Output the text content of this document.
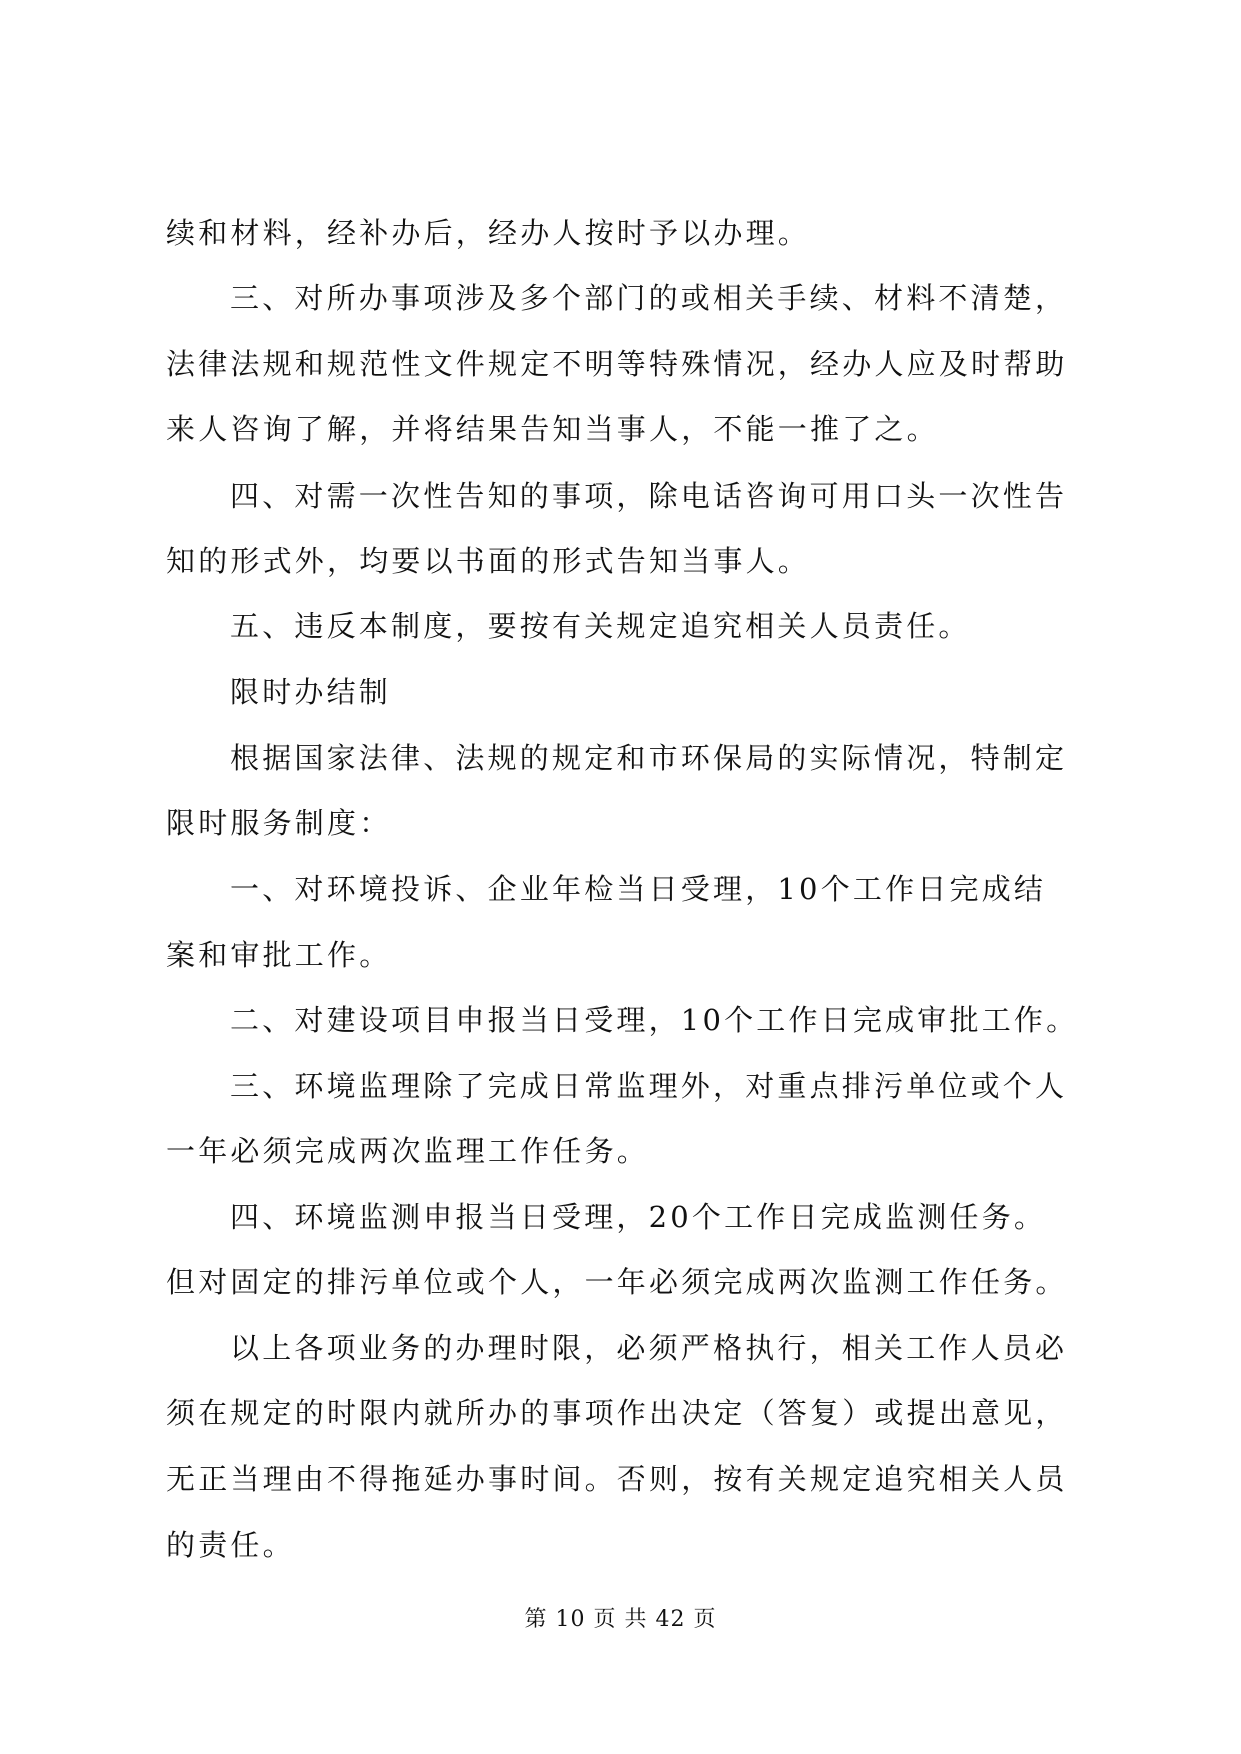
续和材料，经补办后，经办人按时予以办理。
三、对所办事项涉及多个部门的或相关手续、材料不清楚，
法律法规和规范性文件规定不明等特殊情况，经办人应及时帮助
来人咨询了解，并将结果告知当事人，不能一推了之。
四、对需一次性告知的事项，除电话咨询可用口头一次性告
知的形式外，均要以书面的形式告知当事人。
五、违反本制度，要按有关规定追究相关人员责任。
限时办结制
根据国家法律、法规的规定和市环保局的实际情况，特制定
限时服务制度：
一、对环境投诉、企业年检当日受理，10个工作日完成结
案和审批工作。
二、对建设项目申报当日受理，10个工作日完成审批工作。
三、环境监理除了完成日常监理外，对重点排污单位或个人
一年必须完成两次监理工作任务。
四、环境监测申报当日受理，20个工作日完成监测任务。
但对固定的排污单位或个人，一年必须完成两次监测工作任务。
以上各项业务的办理时限，必须严格执行，相关工作人员必
须在规定的时限内就所办的事项作出决定（答复）或提出意见，
无正当理由不得拖延办事时间。否则，按有关规定追究相关人员
的责任。
第 10 页 共 42 页
